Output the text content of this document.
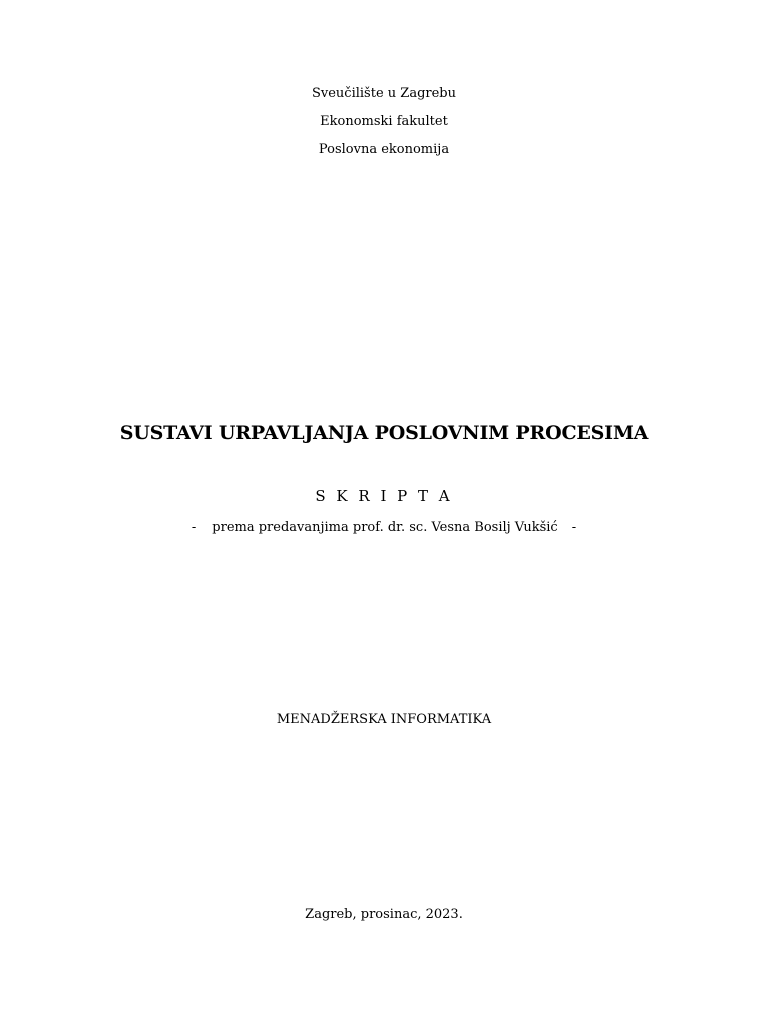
Sveučilište u Zagrebu
Ekonomski fakultet
Poslovna ekonomija
SUSTAVI URPAVLJANJA POSLOVNIM PROCESIMA
S K R I P T A
- prema predavanjima prof. dr. sc. Vesna Bosilj Vukšić -
MENADŽERSKA INFORMATIKA
Zagreb, prosinac, 2023.
